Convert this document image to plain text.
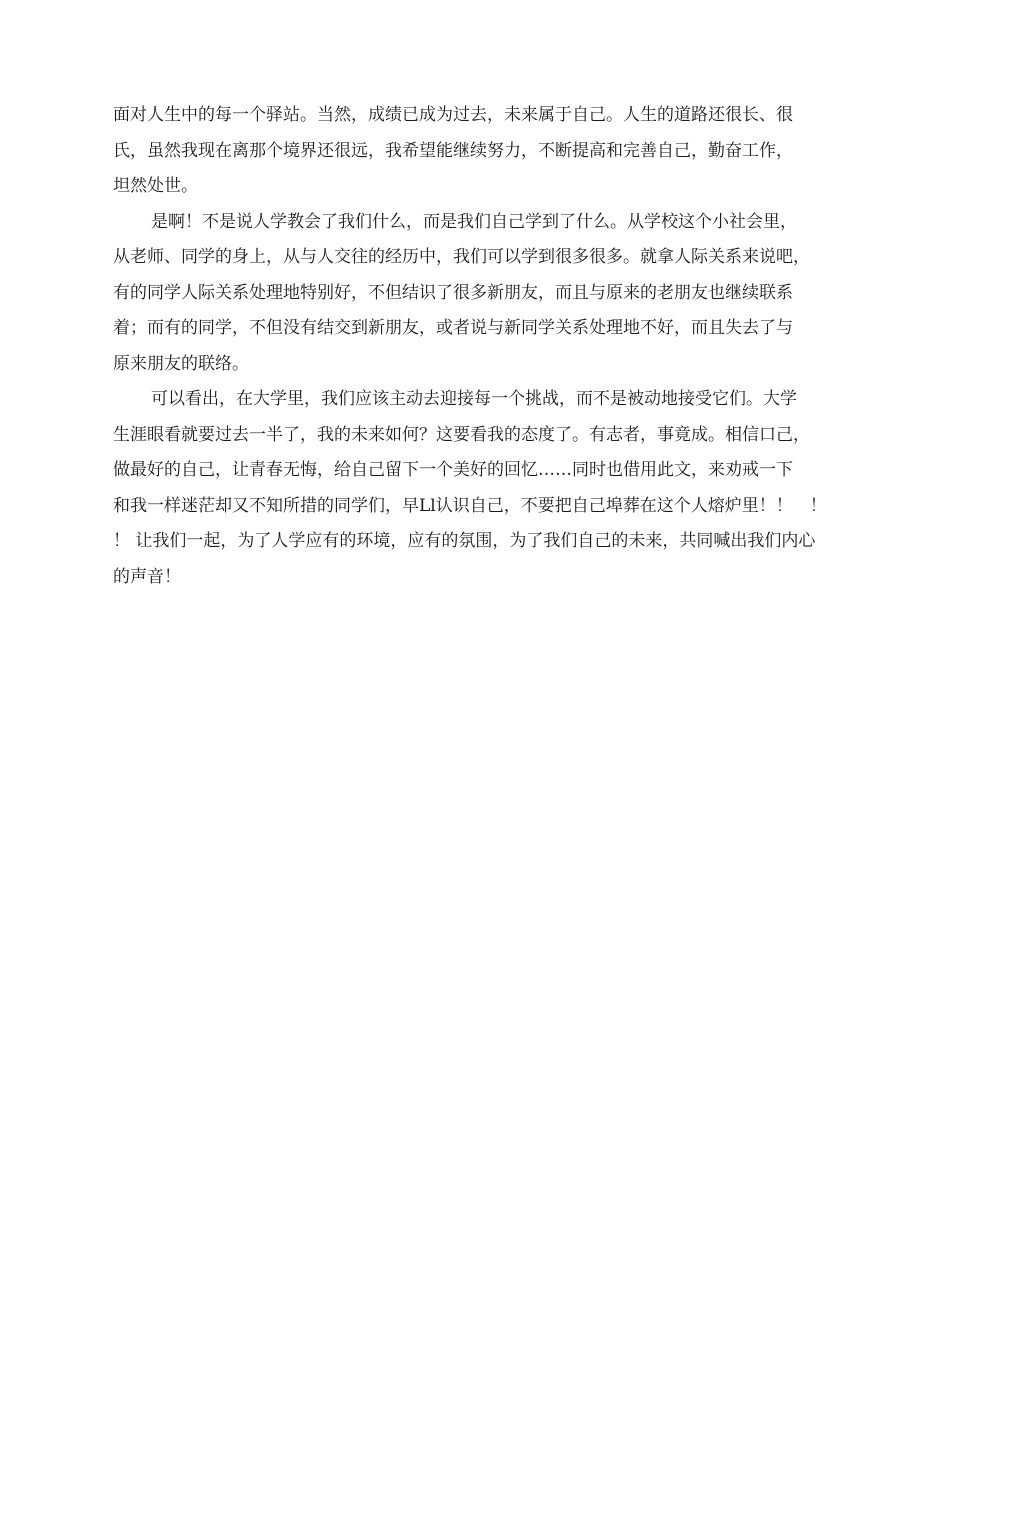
面对人生中的每一个驿站。当然，成绩已成为过去，未来属于自己。人生的道路还很长、很
氏，虽然我现在离那个境界还很远，我希望能继续努力，不断提高和完善自己，勤奋工作，
坦然处世。
是啊！不是说人学教会了我们什么，而是我们自己学到了什么。从学校这个小社会里，
从老师、同学的身上，从与人交往的经历中，我们可以学到很多很多。就拿人际关系来说吧，
有的同学人际关系处理地特别好，不但结识了很多新朋友，而且与原来的老朋友也继续联系
着；而有的同学，不但没有结交到新朋友，或者说与新同学关系处理地不好，而且失去了与
原来朋友的联络。
可以看出，在大学里，我们应该主动去迎接每一个挑战，而不是被动地接受它们。大学
生涯眼看就要过去一半了，我的未来如何？这要看我的态度了。有志者，事竟成。相信口己，
做最好的自己，让青春无悔，给自己留下一个美好的回忆……同时也借用此文，来劝戒一下
和我一样迷茫却又不知所措的同学们，早Ll认识自己，不要把自己埠葬在这个人熔炉里！！　！
！ 让我们一起，为了人学应有的环境，应有的氛围，为了我们自己的未来，共同喊出我们内心
的声音！
